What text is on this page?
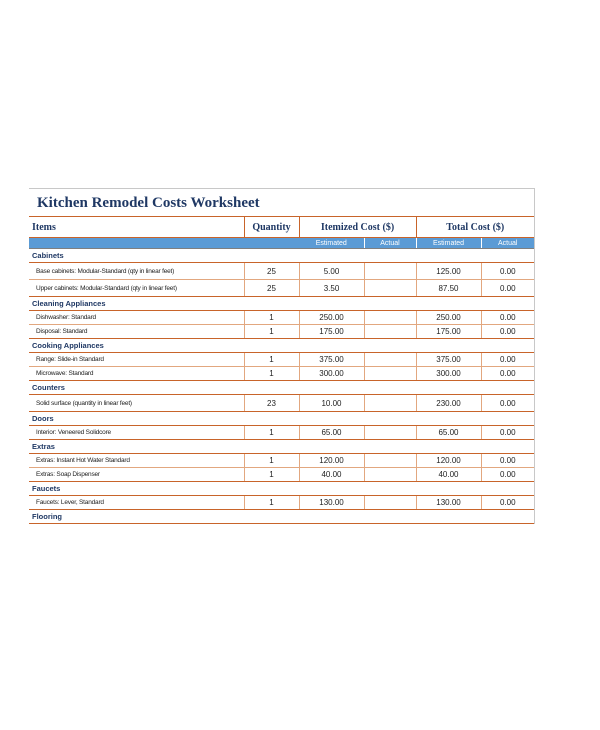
Kitchen Remodel Costs Worksheet
Items	Quantity	Itemized Cost ($)		Total Cost ($)	
		Estimated	Actual	Estimated	Actual
Cabinets					
Base cabinets: Modular-Standard (qty in linear feet)	25	5.00		125.00	0.00
Upper cabinets: Modular-Standard (qty in linear feet)	25	3.50		87.50	0.00
Cleaning Appliances					
Dishwasher: Standard	1	250.00		250.00	0.00
Disposal: Standard	1	175.00		175.00	0.00
Cooking Appliances					
Range: Slide-in Standard	1	375.00		375.00	0.00
Microwave: Standard	1	300.00		300.00	0.00
Counters					
Solid surface (quantity in linear feet)	23	10.00		230.00	0.00
Doors					
Interior: Veneered Solidcore	1	65.00		65.00	0.00
Extras					
Extras: Instant Hot Water Standard	1	120.00		120.00	0.00
Extras: Soap Dispenser	1	40.00		40.00	0.00
Faucets					
Faucets: Lever, Standard	1	130.00		130.00	0.00
Flooring					
